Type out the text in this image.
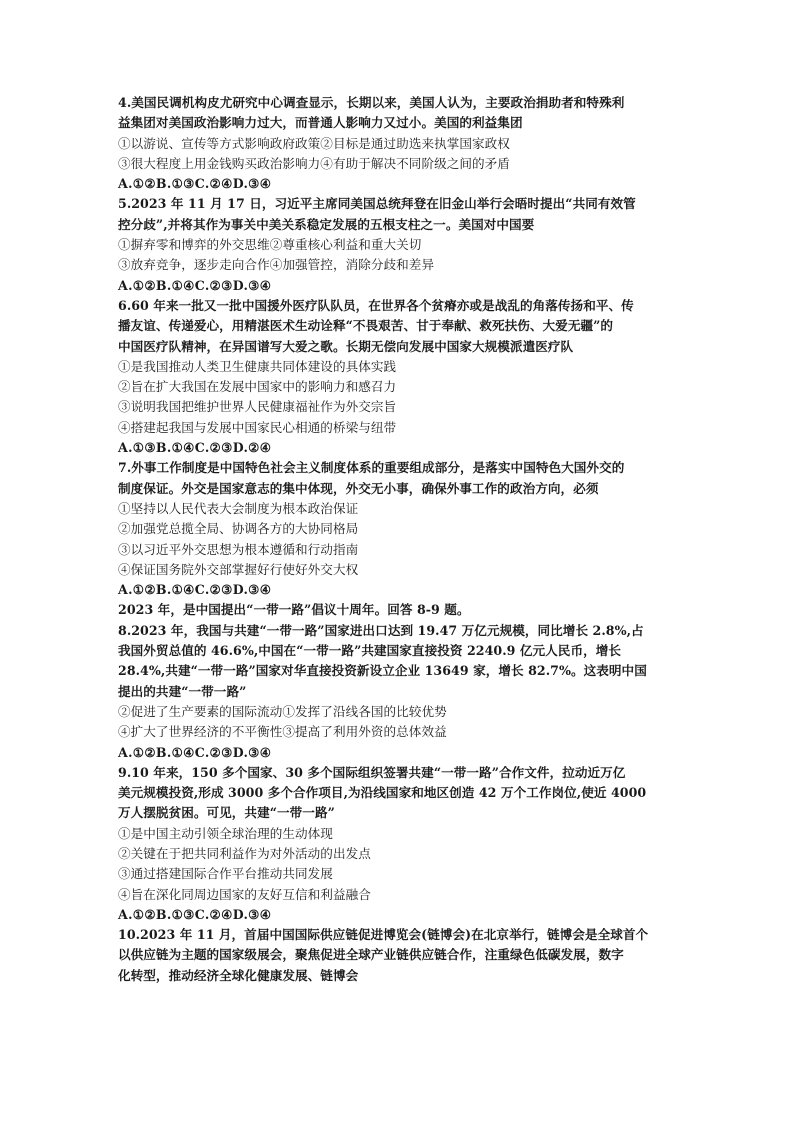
4.美国民调机构皮尤研究中心调查显示，长期以来，美国人认为，主要政治捐助者和特殊利
益集团对美国政治影响力过大，而普通人影响力又过小。美国的利益集团
①以游说、宣传等方式影响政府政策②目标是通过助选来执掌国家政权
③很大程度上用金钱购买政治影响力④有助于解决不同阶级之间的矛盾
A.①②B.①③C.②④D.③④
5.2023 年 11 月 17 日，习近平主席同美国总统拜登在旧金山举行会晤时提出“共同有效管
控分歧”,并将其作为事关中美关系稳定发展的五根支柱之一。美国对中国要
①摒弃零和博弈的外交思维②尊重核心利益和重大关切
③放弃竞争，逐步走向合作④加强管控，消除分歧和差异
A.①②B.①④C.②③D.③④
6.60 年来一批又一批中国援外医疗队队员，在世界各个贫瘠亦或是战乱的角落传扬和平、传
播友谊、传递爱心，用精湛医术生动诠释“不畏艰苦、甘于奉献、救死扶伤、大爱无疆”的
中国医疗队精神，在异国谱写大爱之歌。长期无偿向发展中国家大规模派遣医疗队
①是我国推动人类卫生健康共同体建设的具体实践
②旨在扩大我国在发展中国家中的影响力和感召力
③说明我国把维护世界人民健康福祉作为外交宗旨
④搭建起我国与发展中国家民心相通的桥梁与纽带
A.①③B.①④C.②③D.②④
7.外事工作制度是中国特色社会主义制度体系的重要组成部分，是落实中国特色大国外交的
制度保证。外交是国家意志的集中体现，外交无小事，确保外事工作的政治方向，必须
①坚持以人民代表大会制度为根本政治保证
②加强党总揽全局、协调各方的大协同格局
③以习近平外交思想为根本遵循和行动指南
④保证国务院外交部掌握好行使好外交大权
A.①②B.①④C.②③D.③④
2023 年，是中国提出“一带一路”倡议十周年。回答 8-9 题。
8.2023 年，我国与共建“一带一路”国家进出口达到 19.47 万亿元规模，同比增长 2.8%,占
我国外贸总值的 46.6%,中国在“一带一路”共建国家直接投资 2240.9 亿元人民币，增长
28.4%,共建“一带一路”国家对华直接投资新设立企业 13649 家，增长 82.7%。这表明中国
提出的共建“一带一路”
②促进了生产要素的国际流动①发挥了沿线各国的比较优势
④扩大了世界经济的不平衡性③提高了利用外资的总体效益
A.①②B.①④C.②③D.③④
9.10 年来，150 多个国家、30 多个国际组织签署共建“一带一路”合作文件，拉动近万亿
美元规模投资,形成 3000 多个合作项目,为沿线国家和地区创造 42 万个工作岗位,使近 4000
万人摆脱贫困。可见，共建“一带一路”
①是中国主动引领全球治理的生动体现
②关键在于把共同利益作为对外活动的出发点
③通过搭建国际合作平台推动共同发展
④旨在深化同周边国家的友好互信和利益融合
A.①②B.①③C.②④D.③④
10.2023 年 11 月，首届中国国际供应链促进博览会(链博会)在北京举行，链博会是全球首个
以供应链为主题的国家级展会，聚焦促进全球产业链供应链合作，注重绿色低碳发展，数字
化转型，推动经济全球化健康发展、链博会
